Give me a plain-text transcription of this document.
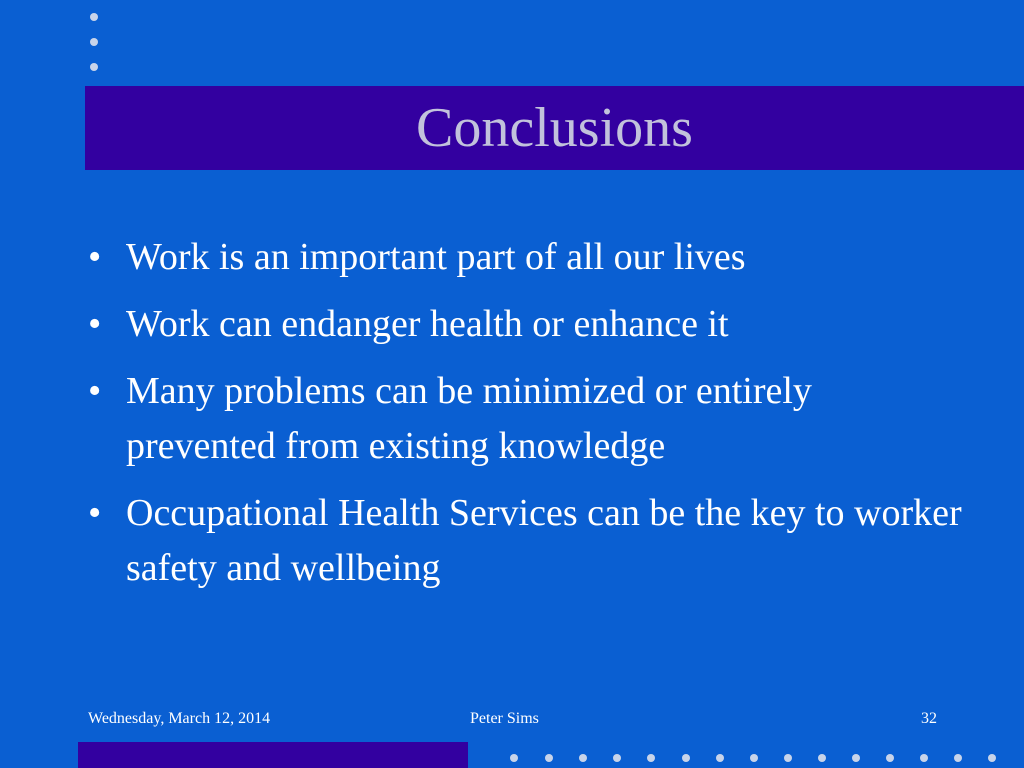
Conclusions
• Work is an important part of all our lives
• Work can endanger health or enhance it
• Many problems can be minimized or entirely prevented from existing knowledge
• Occupational Health Services can be the key to worker safety and wellbeing
Wednesday, March 12, 2014	Peter Sims	32
